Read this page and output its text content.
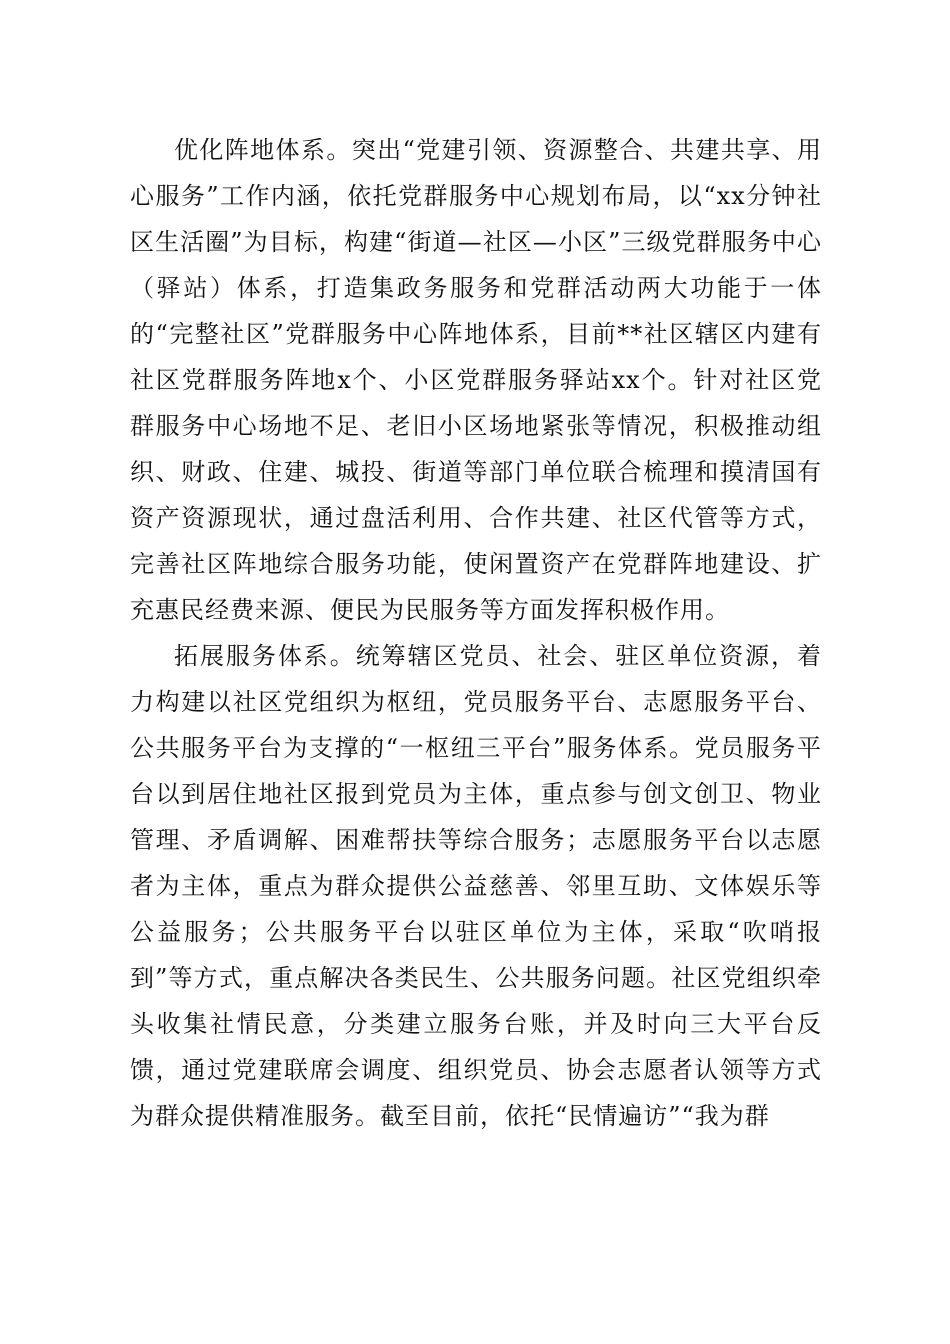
优化阵地体系。突出“党建引领、资源整合、共建共享、用心服务”工作内涵，依托党群服务中心规划布局，以“xx分钟社区生活圈”为目标，构建“街道—社区—小区”三级党群服务中心（驿站）体系，打造集政务服务和党群活动两大功能于一体的“完整社区”党群服务中心阵地体系，目前**社区辖区内建有社区党群服务阵地x个、小区党群服务驿站xx个。针对社区党群服务中心场地不足、老旧小区场地紧张等情况，积极推动组织、财政、住建、城投、街道等部门单位联合梳理和摸清国有资产资源现状，通过盘活利用、合作共建、社区代管等方式，完善社区阵地综合服务功能，使闲置资产在党群阵地建设、扩充惠民经费来源、便民为民服务等方面发挥积极作用。

拓展服务体系。统筹辖区党员、社会、驻区单位资源，着力构建以社区党组织为枢纽，党员服务平台、志愿服务平台、公共服务平台为支撑的“一枢纽三平台”服务体系。党员服务平台以到居住地社区报到党员为主体，重点参与创文创卫、物业管理、矛盾调解、困难帮扶等综合服务；志愿服务平台以志愿者为主体，重点为群众提供公益慈善、邻里互助、文体娱乐等公益服务；公共服务平台以驻区单位为主体，采取“吹哨报到”等方式，重点解决各类民生、公共服务问题。社区党组织牵头收集社情民意，分类建立服务台账，并及时向三大平台反馈，通过党建联席会调度、组织党员、协会志愿者认领等方式为群众提供精准服务。截至目前，依托“民情遍访”“我为群
